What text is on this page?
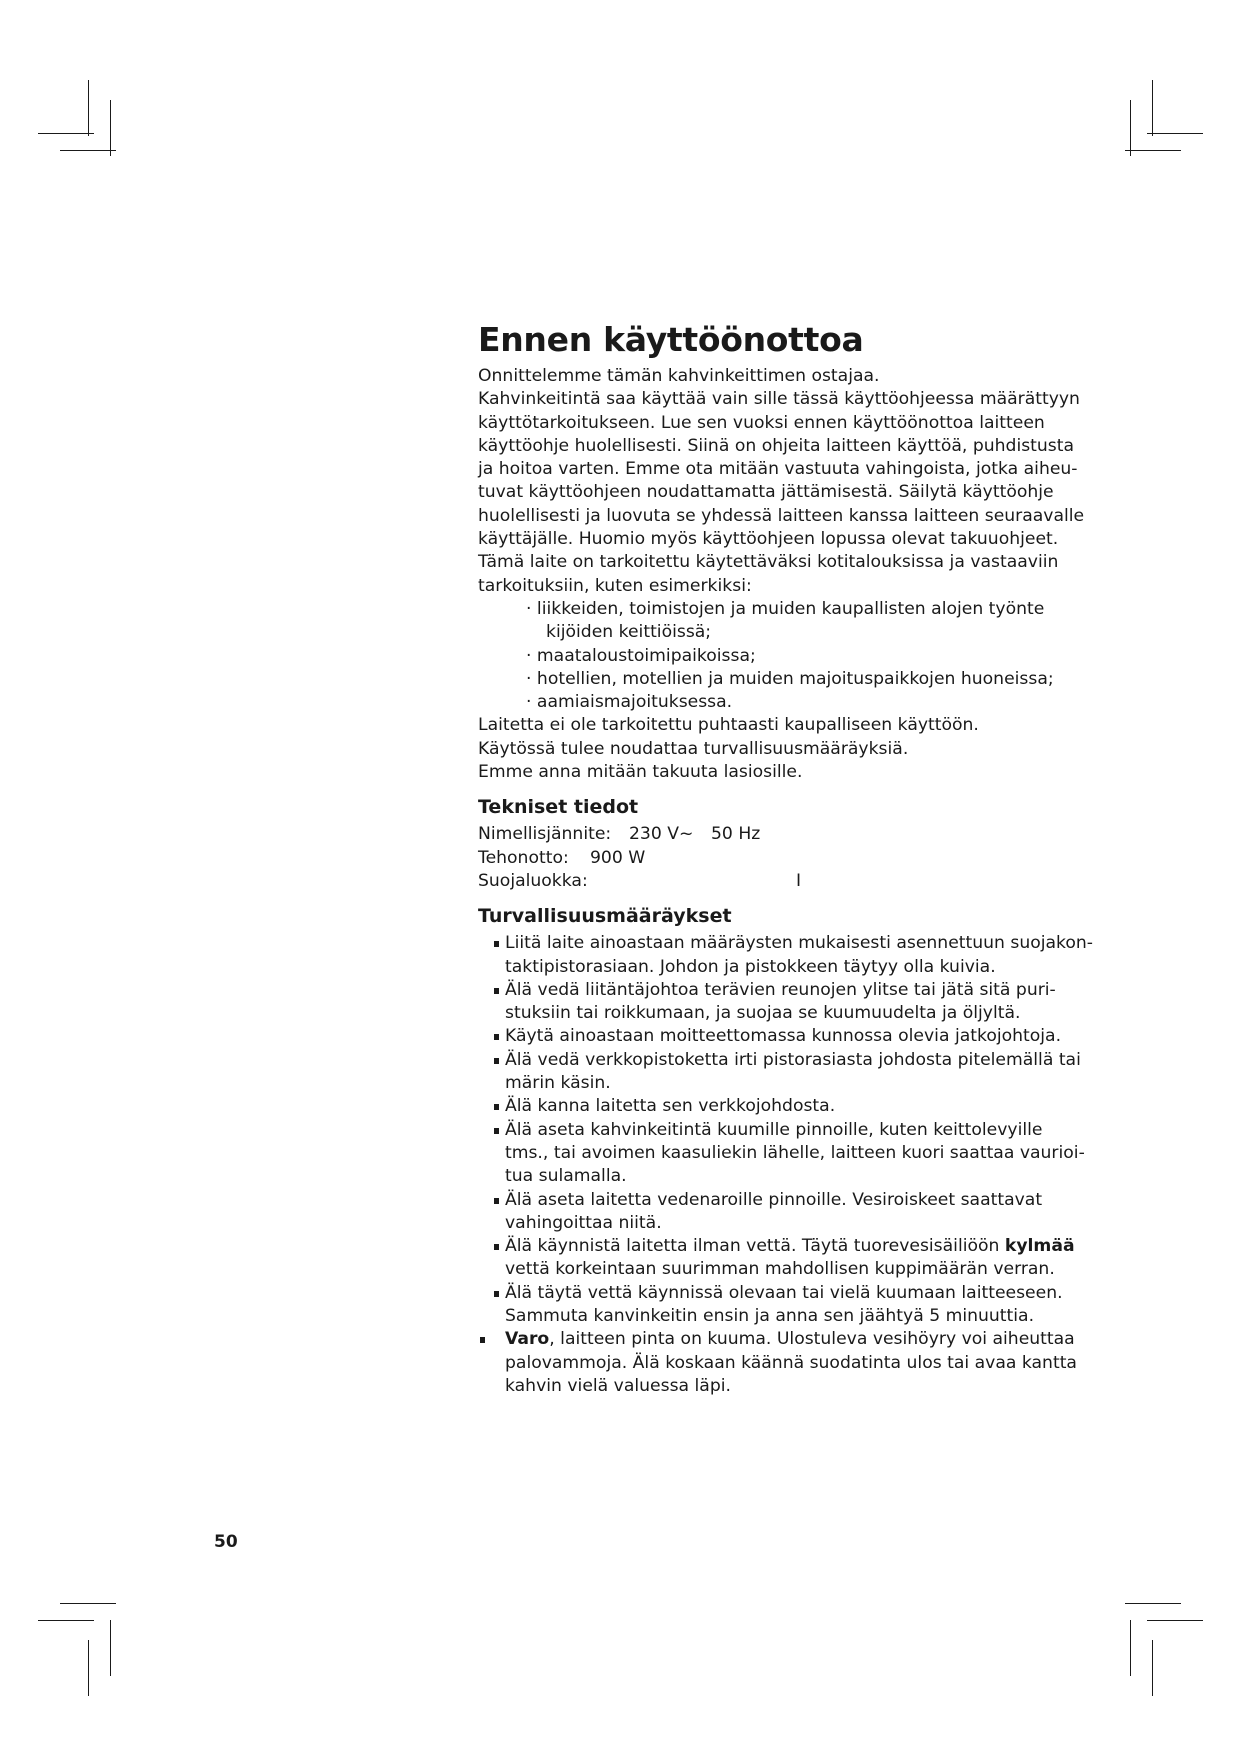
Ennen käyttöönottoa

Onnittelemme tämän kahvinkeittimen ostajaa.

Kahvinkeitintä saa käyttää vain sille tässä käyttöohjeessa määrättyyn

käyttötarkoitukseen. Lue sen vuoksi ennen käyttöönottoa laitteen

käyttöohje huolellisesti. Siinä on ohjeita laitteen käyttöä, puhdistusta

ja hoitoa varten. Emme ota mitään vastuuta vahingoista, jotka aiheu-

tuvat käyttöohjeen noudattamatta jättämisestä. Säilytä käyttöohje

huolellisesti ja luovuta se yhdessä laitteen kanssa laitteen seuraavalle

käyttäjälle. Huomio myös käyttöohjeen lopussa olevat takuuohjeet.

Tämä laite on tarkoitettu käytettäväksi kotitalouksissa ja vastaaviin

tarkoituksiin, kuten esimerkiksi:

· liikkeiden, toimistojen ja muiden kaupallisten alojen työnte

kijöiden keittiöissä;

· maataloustoimipaikoissa;

· hotellien, motellien ja muiden majoituspaikkojen huoneissa;

· aamiaismajoituksessa.

Laitetta ei ole tarkoitettu puhtaasti kaupalliseen käyttöön.

Käytössä tulee noudattaa turvallisuusmääräyksiä.

Emme anna mitään takuuta lasiosille.

Tekniset tiedot
Nimellisjännite: 230 V~ 50 Hz
Tehonotto: 900 W
Suojaluokka:	I
Turvallisuusmääräykset
Liitä laite ainoastaan määräysten mukaisesti asennettuun suojakon-
taktipistorasiaan. Johdon ja pistokkeen täytyy olla kuivia.
Älä vedä liitäntäjohtoa terävien reunojen ylitse tai jätä sitä puri-
stuksiin tai roikkumaan, ja suojaa se kuumuudelta ja öljyltä.
Käytä ainoastaan moitteettomassa kunnossa olevia jatkojohtoja.
Älä vedä verkkopistoketta irti pistorasiasta johdosta pitelemällä tai
märin käsin.
Älä kanna laitetta sen verkkojohdosta.
Älä aseta kahvinkeitintä kuumille pinnoille, kuten keittolevyille
tms., tai avoimen kaasuliekin lähelle, laitteen kuori saattaa vaurioi-
tua sulamalla.
Älä aseta laitetta vedenaroille pinnoille. Vesiroiskeet saattavat
vahingoittaa niitä.
Älä käynnistä laitetta ilman vettä. Täytä tuorevesisäiliöön kylmää
vettä korkeintaan suurimman mahdollisen kuppimäärän verran.
Älä täytä vettä käynnissä olevaan tai vielä kuumaan laitteeseen.
Sammuta kanvinkeitin ensin ja anna sen jäähtyä 5 minuuttia.
Varo, laitteen pinta on kuuma. Ulostuleva vesihöyry voi aiheuttaa
palovammoja. Älä koskaan käännä suodatinta ulos tai avaa kantta
kahvin vielä valuessa läpi.
50
